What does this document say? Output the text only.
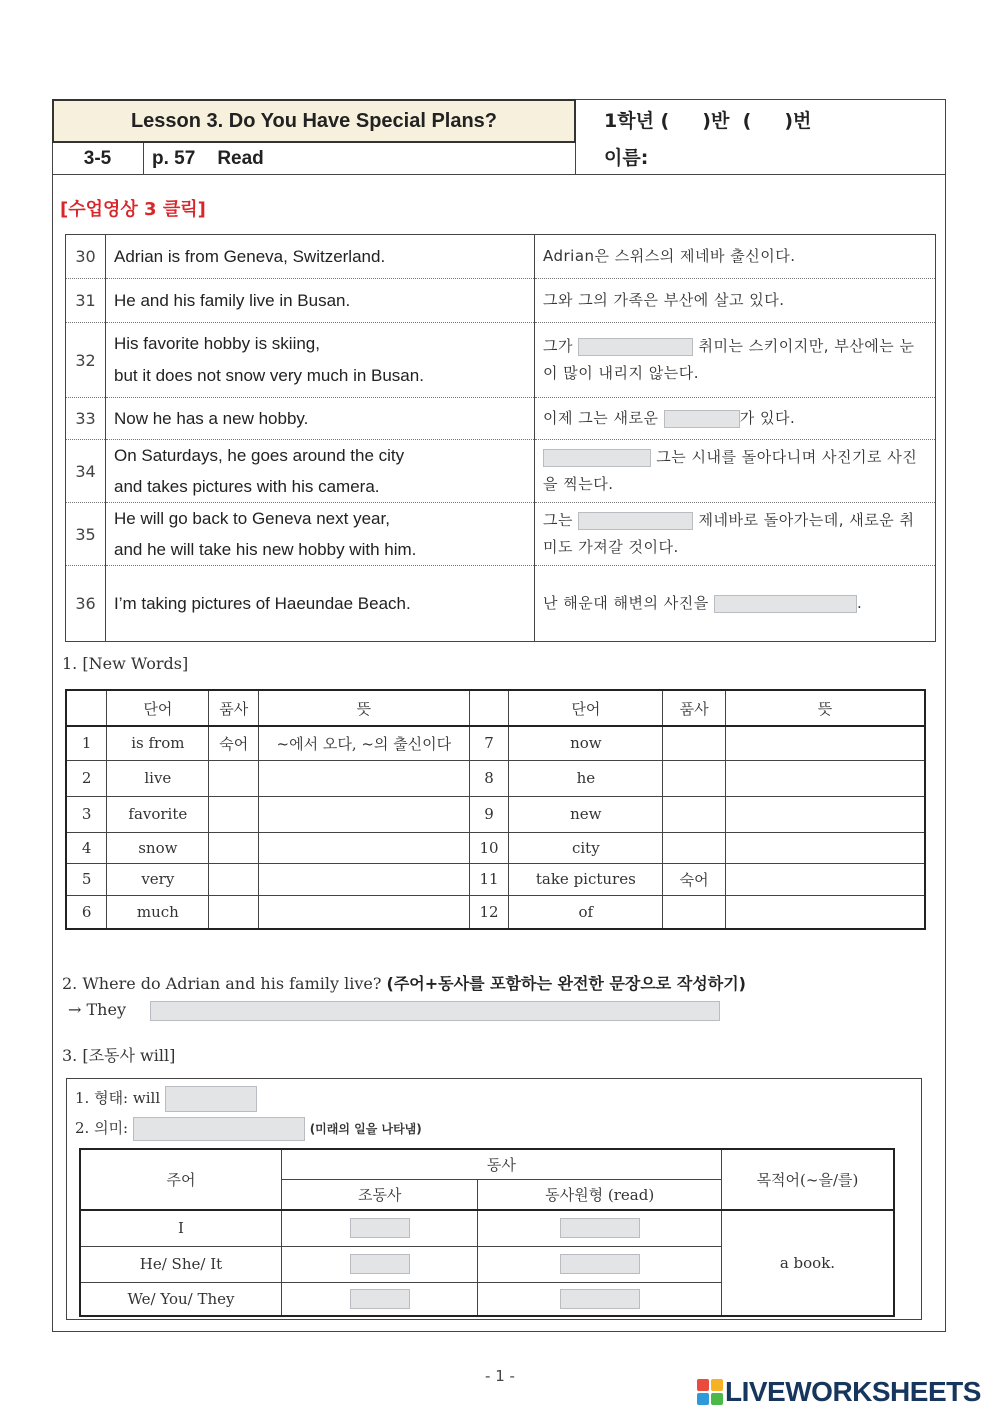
Lesson 3. Do You Have Special Plans?
3-5	p. 57 Read
1학년 (     )반  (     )번
이름:
[수업영상 3 클릭]
30	Adrian is from Geneva, Switzerland.	Adrian은 스위스의 제네바 출신이다.
31	He and his family live in Busan.	그와 그의 가족은 부산에 살고 있다.
32	His favorite hobby is skiing,
but it does not snow very much in Busan.	그가 취미는 스키이지만, 부산에는 눈이 많이 내리지 않는다.
33	Now he has a new hobby.	이제 그는 새로운 가 있다.
34	On Saturdays, he goes around the city
and takes pictures with his camera.	그는 시내를 돌아다니며 사진기로 사진을 찍는다.
35	He will go back to Geneva next year,
and he will take his new hobby with him.	그는 제네바로 돌아가는데, 새로운 취미도 가져갈 것이다.
36	I’m taking pictures of Haeundae Beach.	난 해운대 해변의 사진을 .
1. [New Words]
	단어	품사	뜻		단어	품사	뜻
1	is from	숙어	~에서 오다, ~의 출신이다	7	now		
2	live			8	he		
3	favorite			9	new		
4	snow			10	city		
5	very			11	take pictures	숙어	
6	much			12	of		
2. Where do Adrian and his family live? (주어+동사를 포함하는 완전한 문장으로 작성하기)
→ They
3. [조동사 will]
1. 형태: will
2. 의미:	(미래의 일을 나타냄)
주어	동사		목적어(~을/를)
	조동사	동사원형 (read)	
I			a book.
He/ She/ It			
We/ You/ They			
- 1 -	LIVEWORKSHEETS
